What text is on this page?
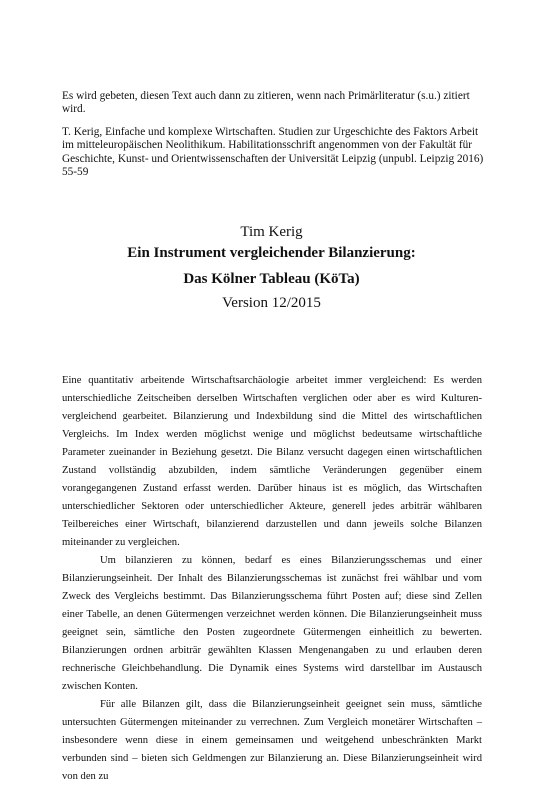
Es wird gebeten, diesen Text auch dann zu zitieren, wenn nach Primärliteratur (s.u.) zitiert wird.

T. Kerig, Einfache und komplexe Wirtschaften. Studien zur Urgeschichte des Faktors Arbeit im mitteleuropäischen Neolithikum. Habilitationsschrift angenommen von der Fakultät für Geschichte, Kunst- und Orientwissenschaften der Universität Leipzig (unpubl. Leipzig 2016) 55-59

Tim Kerig

Ein Instrument vergleichender Bilanzierung:

Das Kölner Tableau (KöTa)

Version 12/2015

Eine quantitativ arbeitende Wirtschaftsarchäologie arbeitet immer vergleichend: Es werden unterschiedliche Zeitscheiben derselben Wirtschaften verglichen oder aber es wird Kulturen-vergleichend gearbeitet. Bilanzierung und Indexbildung sind die Mittel des wirtschaftlichen Vergleichs. Im Index werden möglichst wenige und möglichst bedeutsame wirtschaftliche Parameter zueinander in Beziehung gesetzt. Die Bilanz versucht dagegen einen wirtschaftlichen Zustand vollständig abzubilden, indem sämtliche Veränderungen gegenüber einem vorangegangenen Zustand erfasst werden. Darüber hinaus ist es möglich, das Wirtschaften unterschiedlicher Sektoren oder unterschiedlicher Akteure, generell jedes arbiträr wählbaren Teilbereiches einer Wirtschaft, bilanzierend darzustellen und dann jeweils solche Bilanzen miteinander zu vergleichen.

Um bilanzieren zu können, bedarf es eines Bilanzierungsschemas und einer Bilanzierungseinheit. Der Inhalt des Bilanzierungsschemas ist zunächst frei wählbar und vom Zweck des Vergleichs bestimmt. Das Bilanzierungsschema führt Posten auf; diese sind Zellen einer Tabelle, an denen Gütermengen verzeichnet werden können. Die Bilanzierungseinheit muss geeignet sein, sämtliche den Posten zugeordnete Gütermengen einheitlich zu bewerten. Bilanzierungen ordnen arbiträr gewählten Klassen Mengenangaben zu und erlauben deren rechnerische Gleichbehandlung. Die Dynamik eines Systems wird darstellbar im Austausch zwischen Konten.

Für alle Bilanzen gilt, dass die Bilanzierungseinheit geeignet sein muss, sämtliche untersuchten Gütermengen miteinander zu verrechnen. Zum Vergleich monetärer Wirtschaften – insbesondere wenn diese in einem gemeinsamen und weitgehend unbeschränkten Markt verbunden sind – bieten sich Geldmengen zur Bilanzierung an. Diese Bilanzierungseinheit wird von den zu
